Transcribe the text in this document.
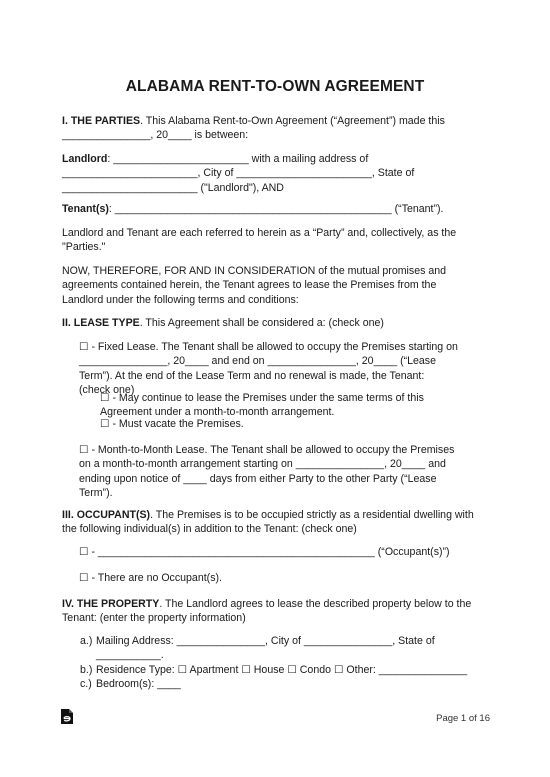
ALABAMA RENT-TO-OWN AGREEMENT

I. THE PARTIES. This Alabama Rent-to-Own Agreement (“Agreement”) made this
_______________, 20____ is between:

Landlord: _______________________ with a mailing address of
_______________________, City of _______________________, State of
_______________________ ("Landlord"), AND

Tenant(s): _______________________________________________ (“Tenant”).

Landlord and Tenant are each referred to herein as a “Party” and, collectively, as the
"Parties."

NOW, THEREFORE, FOR AND IN CONSIDERATION of the mutual promises and
agreements contained herein, the Tenant agrees to lease the Premises from the
Landlord under the following terms and conditions:

II. LEASE TYPE. This Agreement shall be considered a: (check one)

☐ - Fixed Lease. The Tenant shall be allowed to occupy the Premises starting on
_______________, 20____ and end on _______________, 20____ (“Lease
Term”). At the end of the Lease Term and no renewal is made, the Tenant:
(check one)

☐ - May continue to lease the Premises under the same terms of this
Agreement under a month-to-month arrangement.

☐ - Must vacate the Premises.

☐ - Month-to-Month Lease. The Tenant shall be allowed to occupy the Premises
on a month-to-month arrangement starting on _______________, 20____ and
ending upon notice of ____ days from either Party to the other Party (“Lease
Term”).

III. OCCUPANT(S). The Premises is to be occupied strictly as a residential dwelling with
the following individual(s) in addition to the Tenant: (check one)

☐ - _______________________________________________ (“Occupant(s)”)

☐ - There are no Occupant(s).

IV. THE PROPERTY. The Landlord agrees to lease the described property below to the
Tenant: (enter the property information)

a.) Mailing Address: _______________, City of _______________, State of
___________.
b.) Residence Type: ☐ Apartment ☐ House ☐ Condo ☐ Other: _______________
c.) Bedroom(s): ____
Page 1 of 16
